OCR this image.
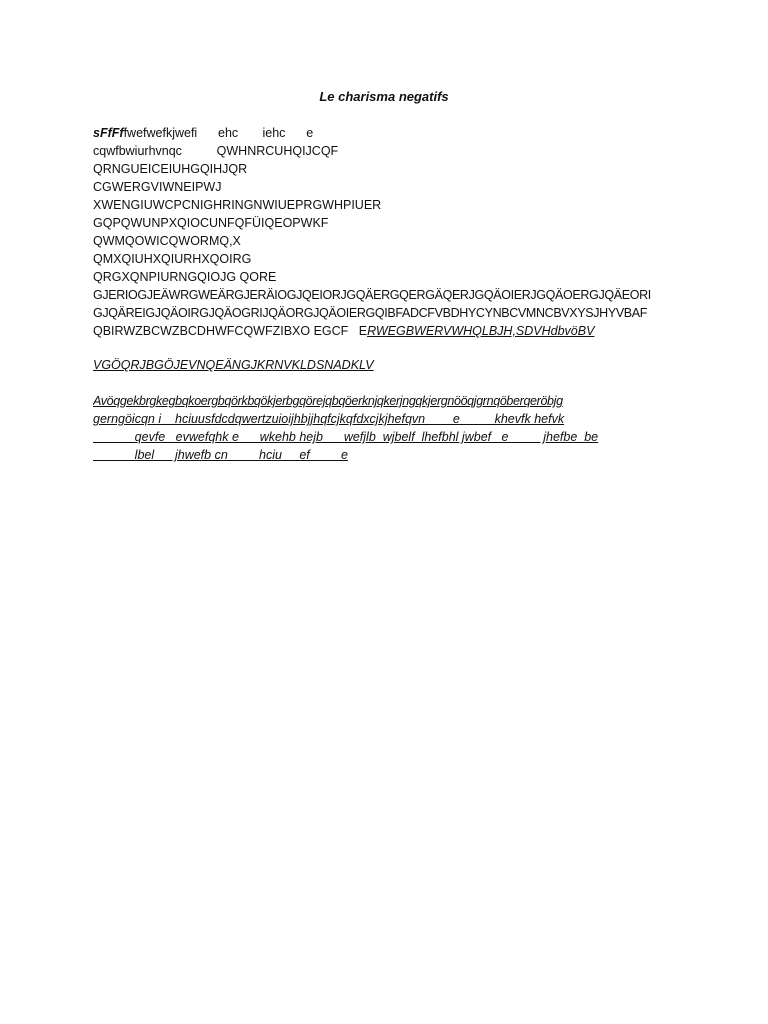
Le charisma negatifs
sFfFffwefwefkjwefi      ehc       iehc      e
cqwfbwiurhvnqc          QWHNRCUHQIJCQF
QRNGUEICEIUHGQIHJQR
CGWERGVIWNEIPWJ
XWENGIUWCPCNIGHRINGNWIUEPRGWHPIUER
GQPQWUNPXQIOCUNFQFÜIQEOPWKF
QWMQOWICQWORMQ,X
QMXQIUHXQIURHXQOIRG
QRGXQNPIURNGQIOJG QORE
GJERIOGJEÄWRGWEÄRGJERÄIOGJQEIORJGQÄERGQERGÄQERJGQÄOIERJGQÄOERGJQÄEORI
GJQÄREIGJQÄOIRGJQÄOGRIJQÄORGJQÄOIERGQIBFADCFVBDHYCYNBCVMNCBVXYSJHYVBAF
QBIRWZBCWZBCDHWFCQWFZIBXO EGCF   ERWEGBWERVWHQLBJH,SDVHdbvöBV
VGÖQRJBGÖJEVNQEÄNGJKRNVKLDSNADKLV
Avöqgekbrgkegbqkoergbqörkbqökjerbgqörejqbqöerknjqkerjngqkjergnööqjgrnqöberqeröbjg
gerngöicqn i    hciuusfdcdqwertzuioijhbjjhqfcjkqfdxcjkjhefqvn        e          khevfk hefvk
qevfe   evwefqhk e      wkehb hejb      wefjlb  wjbelf  lhefbhl jwbef   e          jhefbe  be
lbel      jhwefb cn         hciu     ef         e
